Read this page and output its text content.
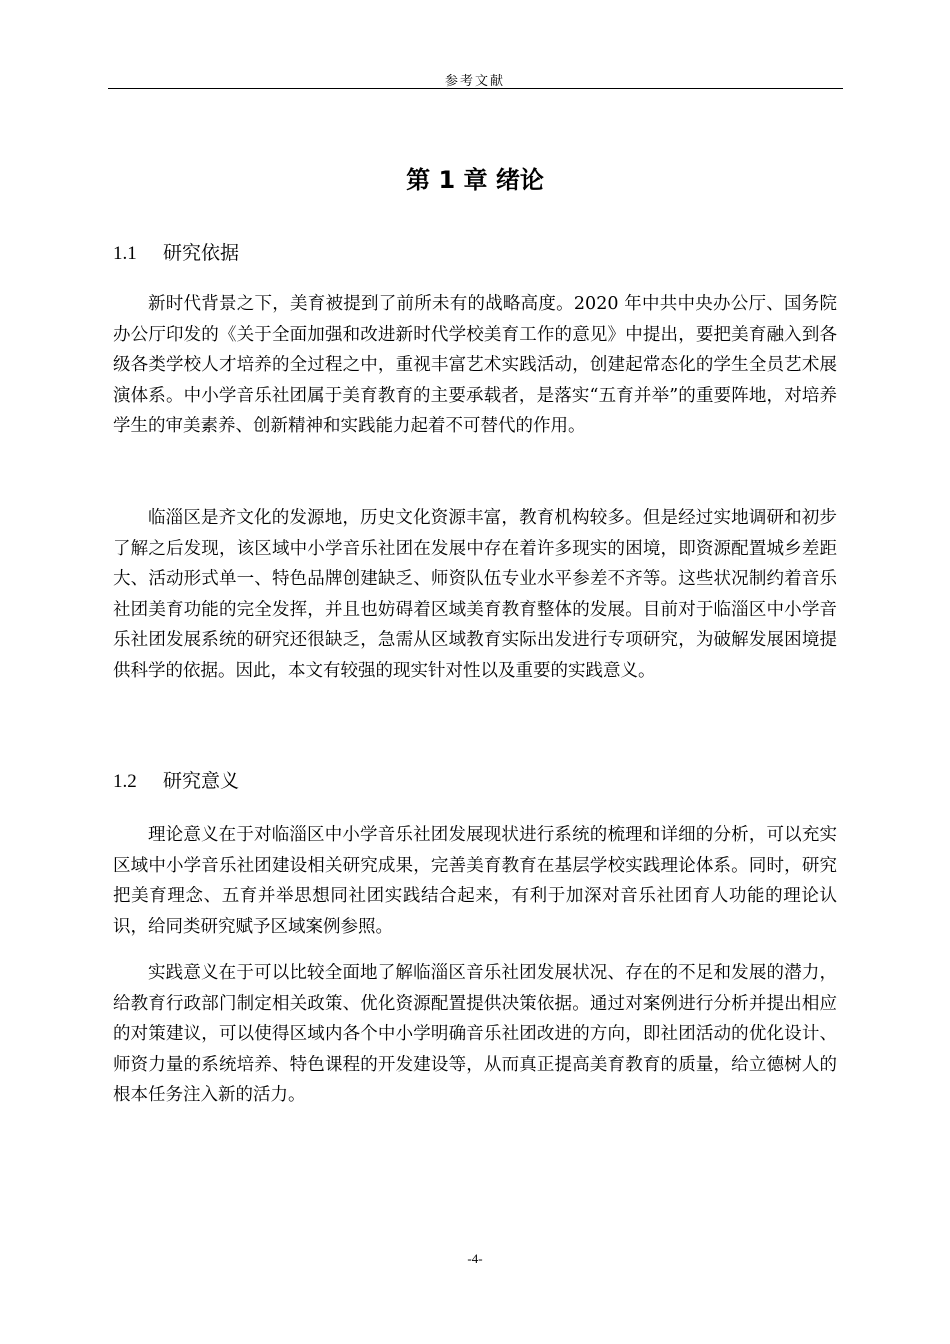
参考文献
第 1 章 绪论
1.1 研究依据

新时代背景之下，美育被提到了前所未有的战略高度。2020 年中共中央办公厅、国务院办公厅印发的《关于全面加强和改进新时代学校美育工作的意见》中提出，要把美育融入到各级各类学校人才培养的全过程之中，重视丰富艺术实践活动，创建起常态化的学生全员艺术展演体系。中小学音乐社团属于美育教育的主要承载者，是落实“五育并举”的重要阵地，对培养学生的审美素养、创新精神和实践能力起着不可替代的作用。

临淄区是齐文化的发源地，历史文化资源丰富，教育机构较多。但是经过实地调研和初步了解之后发现，该区域中小学音乐社团在发展中存在着许多现实的困境，即资源配置城乡差距大、活动形式单一、特色品牌创建缺乏、师资队伍专业水平参差不齐等。这些状况制约着音乐社团美育功能的完全发挥，并且也妨碍着区域美育教育整体的发展。目前对于临淄区中小学音乐社团发展系统的研究还很缺乏，急需从区域教育实际出发进行专项研究，为破解发展困境提供科学的依据。因此，本文有较强的现实针对性以及重要的实践意义。

1.2 研究意义

理论意义在于对临淄区中小学音乐社团发展现状进行系统的梳理和详细的分析，可以充实区域中小学音乐社团建设相关研究成果，完善美育教育在基层学校实践理论体系。同时，研究把美育理念、五育并举思想同社团实践结合起来，有利于加深对音乐社团育人功能的理论认识，给同类研究赋予区域案例参照。

实践意义在于可以比较全面地了解临淄区音乐社团发展状况、存在的不足和发展的潜力，给教育行政部门制定相关政策、优化资源配置提供决策依据。通过对案例进行分析并提出相应的对策建议，可以使得区域内各个中小学明确音乐社团改进的方向，即社团活动的优化设计、师资力量的系统培养、特色课程的开发建设等，从而真正提高美育教育的质量，给立德树人的根本任务注入新的活力。

-4-
